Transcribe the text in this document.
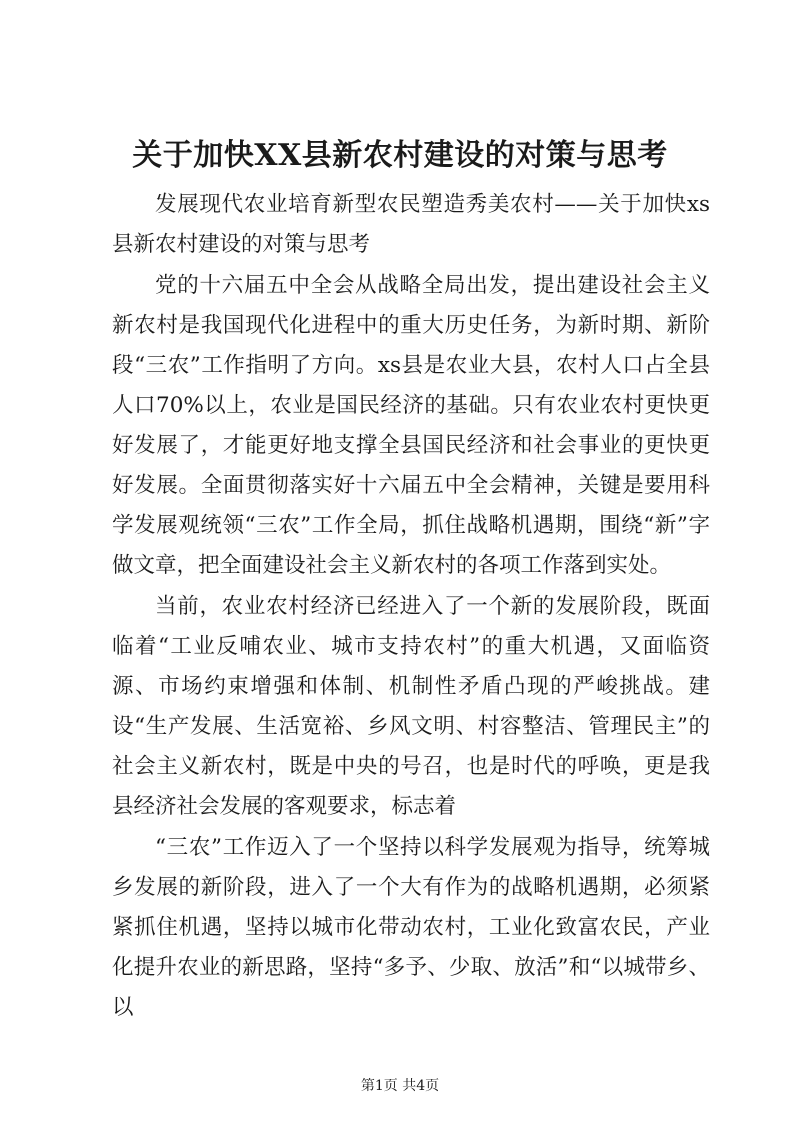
关于加快XX县新农村建设的对策与思考

发展现代农业培育新型农民塑造秀美农村——关于加快xs县新农村建设的对策与思考

党的十六届五中全会从战略全局出发，提出建设社会主义新农村是我国现代化进程中的重大历史任务，为新时期、新阶段“三农”工作指明了方向。xs县是农业大县，农村人口占全县人口70%以上，农业是国民经济的基础。只有农业农村更快更好发展了，才能更好地支撑全县国民经济和社会事业的更快更好发展。全面贯彻落实好十六届五中全会精神，关键是要用科学发展观统领“三农”工作全局，抓住战略机遇期，围绕“新”字做文章，把全面建设社会主义新农村的各项工作落到实处。

当前，农业农村经济已经进入了一个新的发展阶段，既面临着“工业反哺农业、城市支持农村”的重大机遇，又面临资源、市场约束增强和体制、机制性矛盾凸现的严峻挑战。建设“生产发展、生活宽裕、乡风文明、村容整洁、管理民主”的社会主义新农村，既是中央的号召，也是时代的呼唤，更是我县经济社会发展的客观要求，标志着

“三农”工作迈入了一个坚持以科学发展观为指导，统筹城乡发展的新阶段，进入了一个大有作为的战略机遇期，必须紧紧抓住机遇，坚持以城市化带动农村，工业化致富农民，产业化提升农业的新思路，坚持“多予、少取、放活”和“以城带乡、以

第1页 共4页
